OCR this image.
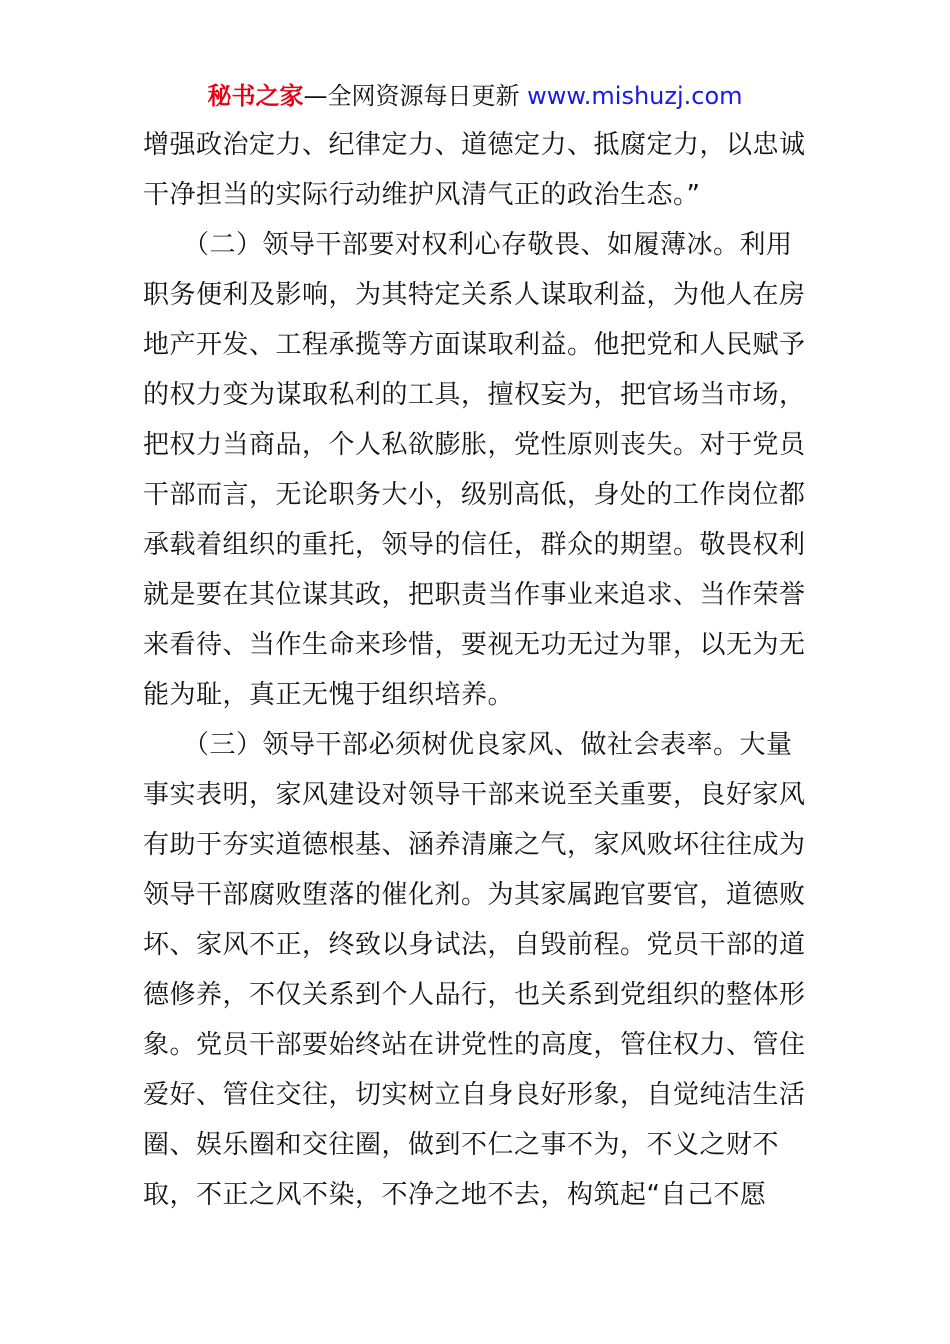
秘书之家—全网资源每日更新 www.mishuzj.com
增强政治定力、纪律定力、道德定力、抵腐定力，以忠诚
干净担当的实际行动维护风清气正的政治生态。”
　　（二）领导干部要对权利心存敬畏、如履薄冰。利用
职务便利及影响，为其特定关系人谋取利益，为他人在房
地产开发、工程承揽等方面谋取利益。他把党和人民赋予
的权力变为谋取私利的工具，擅权妄为，把官场当市场，
把权力当商品，个人私欲膨胀，党性原则丧失。对于党员
干部而言，无论职务大小，级别高低，身处的工作岗位都
承载着组织的重托，领导的信任，群众的期望。敬畏权利
就是要在其位谋其政，把职责当作事业来追求、当作荣誉
来看待、当作生命来珍惜，要视无功无过为罪，以无为无
能为耻，真正无愧于组织培养。
　　（三）领导干部必须树优良家风、做社会表率。大量
事实表明，家风建设对领导干部来说至关重要，良好家风
有助于夯实道德根基、涵养清廉之气，家风败坏往往成为
领导干部腐败堕落的催化剂。为其家属跑官要官，道德败
坏、家风不正，终致以身试法，自毁前程。党员干部的道
德修养，不仅关系到个人品行，也关系到党组织的整体形
象。党员干部要始终站在讲党性的高度，管住权力、管住
爱好、管住交往，切实树立自身良好形象，自觉纯洁生活
圈、娱乐圈和交往圈，做到不仁之事不为，不义之财不
取，不正之风不染，不净之地不去，构筑起“自己不愿
